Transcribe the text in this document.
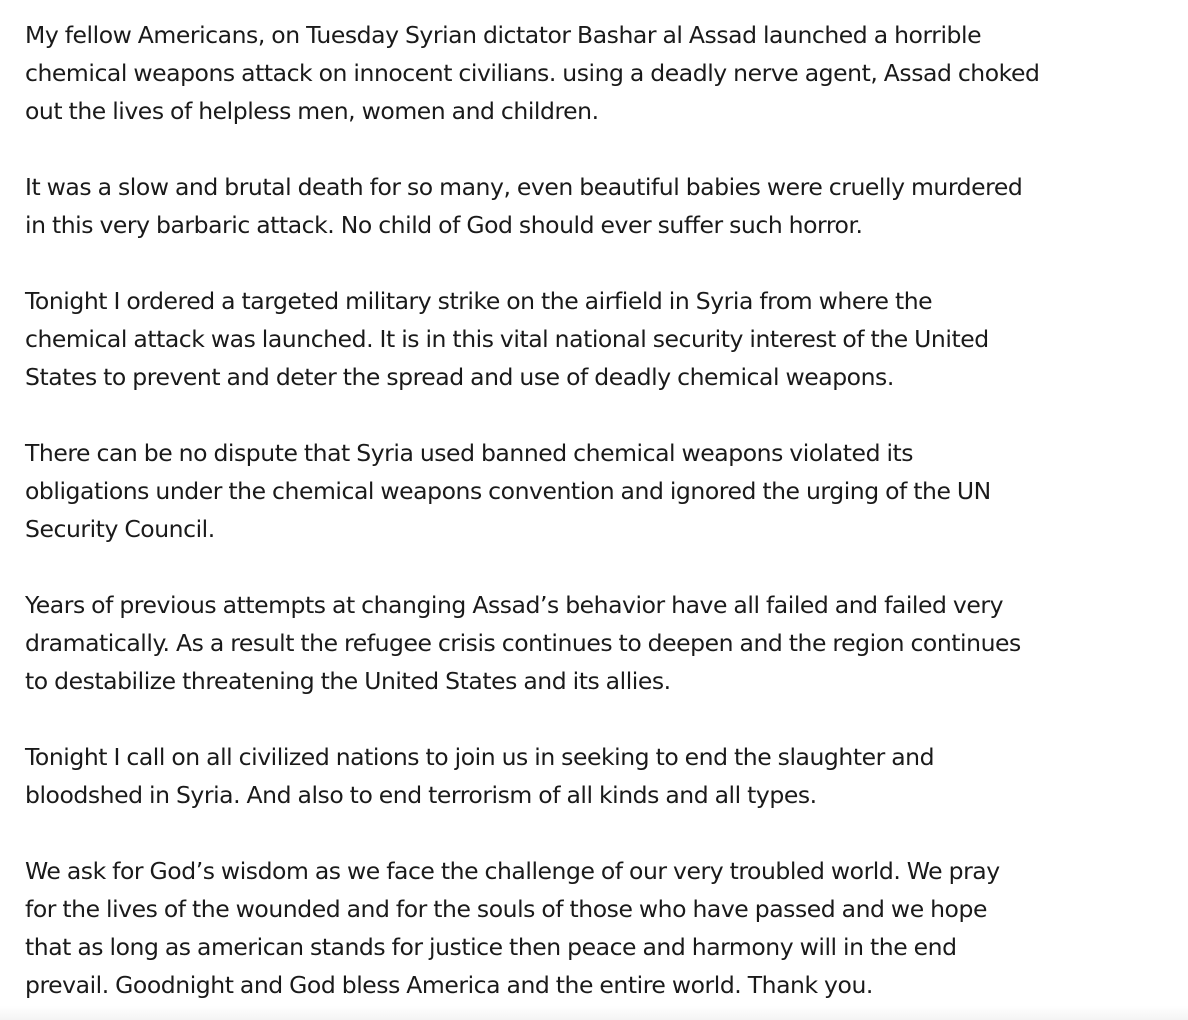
My fellow Americans, on Tuesday Syrian dictator Bashar al Assad launched a horrible
chemical weapons attack on innocent civilians. using a deadly nerve agent, Assad choked
out the lives of helpless men, women and children.

It was a slow and brutal death for so many, even beautiful babies were cruelly murdered
in this very barbaric attack. No child of God should ever suffer such horror.

Tonight I ordered a targeted military strike on the airfield in Syria from where the
chemical attack was launched. It is in this vital national security interest of the United
States to prevent and deter the spread and use of deadly chemical weapons.

There can be no dispute that Syria used banned chemical weapons violated its
obligations under the chemical weapons convention and ignored the urging of the UN
Security Council.

Years of previous attempts at changing Assad’s behavior have all failed and failed very
dramatically. As a result the refugee crisis continues to deepen and the region continues
to destabilize threatening the United States and its allies.

Tonight I call on all civilized nations to join us in seeking to end the slaughter and
bloodshed in Syria. And also to end terrorism of all kinds and all types.

We ask for God’s wisdom as we face the challenge of our very troubled world. We pray
for the lives of the wounded and for the souls of those who have passed and we hope
that as long as american stands for justice then peace and harmony will in the end
prevail. Goodnight and God bless America and the entire world. Thank you.
